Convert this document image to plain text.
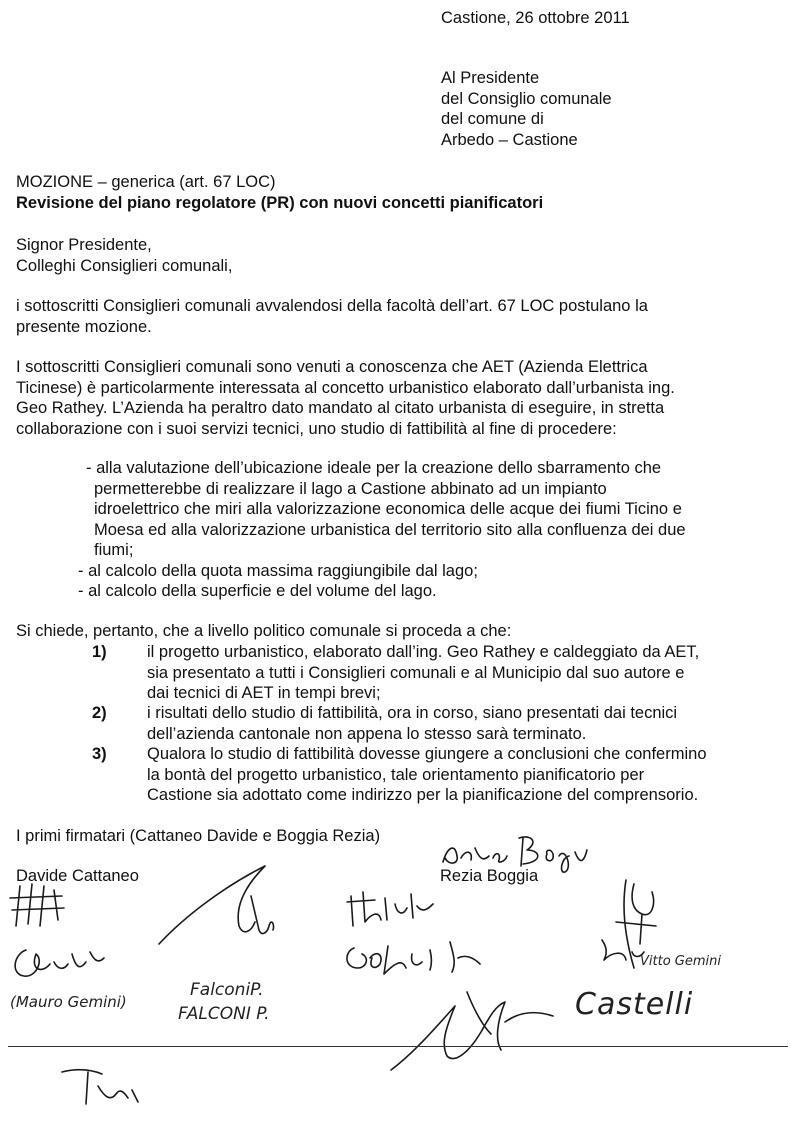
Castione, 26 ottobre 2011
Al Presidente
del Consiglio comunale
del comune di
Arbedo – Castione
MOZIONE – generica (art. 67 LOC)
Revisione del piano regolatore (PR) con nuovi concetti pianificatori
Signor Presidente,
Colleghi Consiglieri comunali,
i sottoscritti Consiglieri comunali avvalendosi della facoltà dell’art. 67 LOC postulano la
presente mozione.
I sottoscritti Consiglieri comunali sono venuti a conoscenza che AET (Azienda Elettrica
Ticinese) è particolarmente interessata al concetto urbanistico elaborato dall’urbanista ing.
Geo Rathey. L’Azienda ha peraltro dato mandato al citato urbanista di eseguire, in stretta
collaborazione con i suoi servizi tecnici, uno studio di fattibilità al fine di procedere:
- alla valutazione dell’ubicazione ideale per la creazione dello sbarramento che
permetterebbe di realizzare il lago a Castione abbinato ad un impianto
idroelettrico che miri alla valorizzazione economica delle acque dei fiumi Ticino e
Moesa ed alla valorizzazione urbanistica del territorio sito alla confluenza dei due
fiumi;
- al calcolo della quota massima raggiungibile dal lago;
- al calcolo della superficie e del volume del lago.
Si chiede, pertanto, che a livello politico comunale si proceda a che:
1) il progetto urbanistico, elaborato dall’ing. Geo Rathey e caldeggiato da AET,
sia presentato a tutti i Consiglieri comunali e al Municipio dal suo autore e
dai tecnici di AET in tempi brevi;
2) i risultati dello studio di fattibilità, ora in corso, siano presentati dai tecnici
dell’azienda cantonale non appena lo stesso sarà terminato.
3) Qualora lo studio di fattibilità dovesse giungere a conclusioni che confermino
la bontà del progetto urbanistico, tale orientamento pianificatorio per
Castione sia adottato come indirizzo per la pianificazione del comprensorio.
I primi firmatari (Cattaneo Davide e Boggia Rezia)
Davide Cattaneo	Rezia Boggia
(Mauro Gemini)
FalconiP.
FALCONI P.
Vitto Gemini
Castelli
